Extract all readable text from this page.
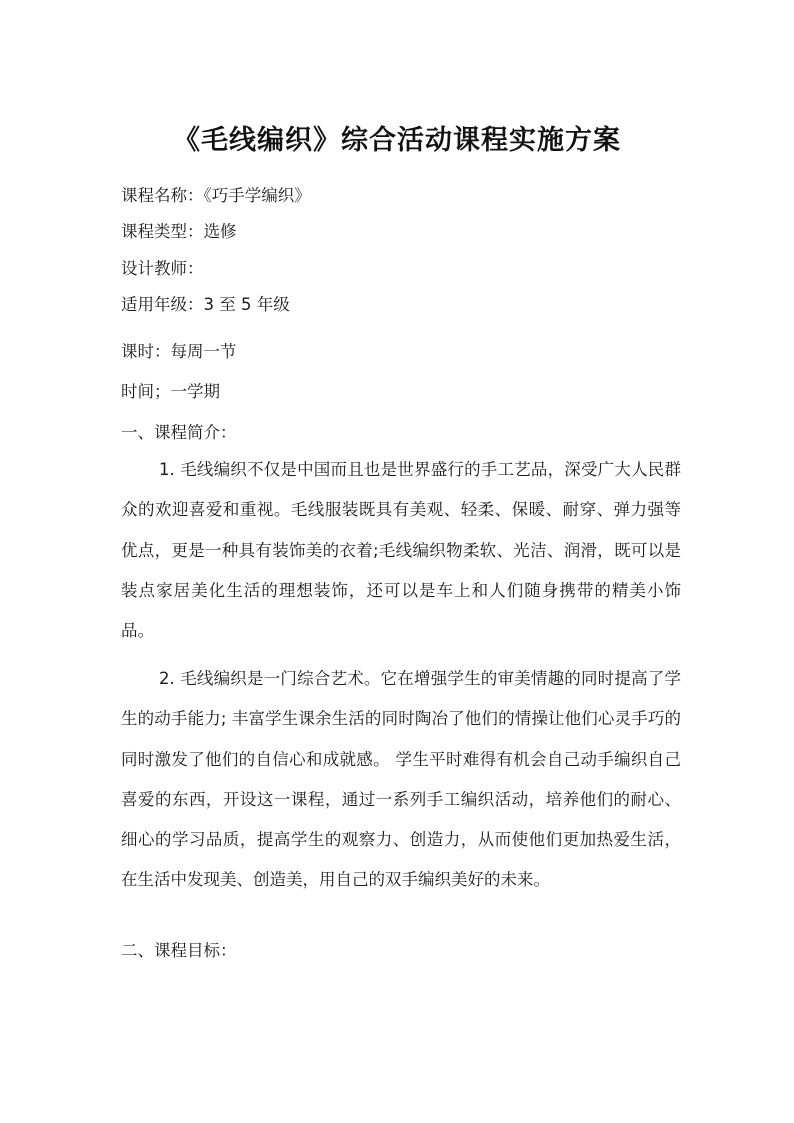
《毛线编织》综合活动课程实施方案
课程名称：《巧手学编织》
课程类型：选修
设计教师：
适用年级：3 至 5 年级
课时：每周一节
时间；一学期
一、课程简介：
1. 毛线编织不仅是中国而且也是世界盛行的手工艺品，深受广大人民群众的欢迎喜爱和重视。毛线服装既具有美观、轻柔、保暖、耐穿、弹力强等优点，更是一种具有装饰美的衣着;毛线编织物柔软、光洁、润滑，既可以是装点家居美化生活的理想装饰，还可以是车上和人们随身携带的精美小饰品。
2. 毛线编织是一门综合艺术。它在增强学生的审美情趣的同时提高了学生的动手能力; 丰富学生课余生活的同时陶冶了他们的情操让他们心灵手巧的同时激发了他们的自信心和成就感。 学生平时难得有机会自己动手编织自己喜爱的东西，开设这一课程，通过一系列手工编织活动，培养他们的耐心、细心的学习品质，提高学生的观察力、创造力，从而使他们更加热爱生活， 在生活中发现美、创造美，用自己的双手编织美好的未来。
二、课程目标：
